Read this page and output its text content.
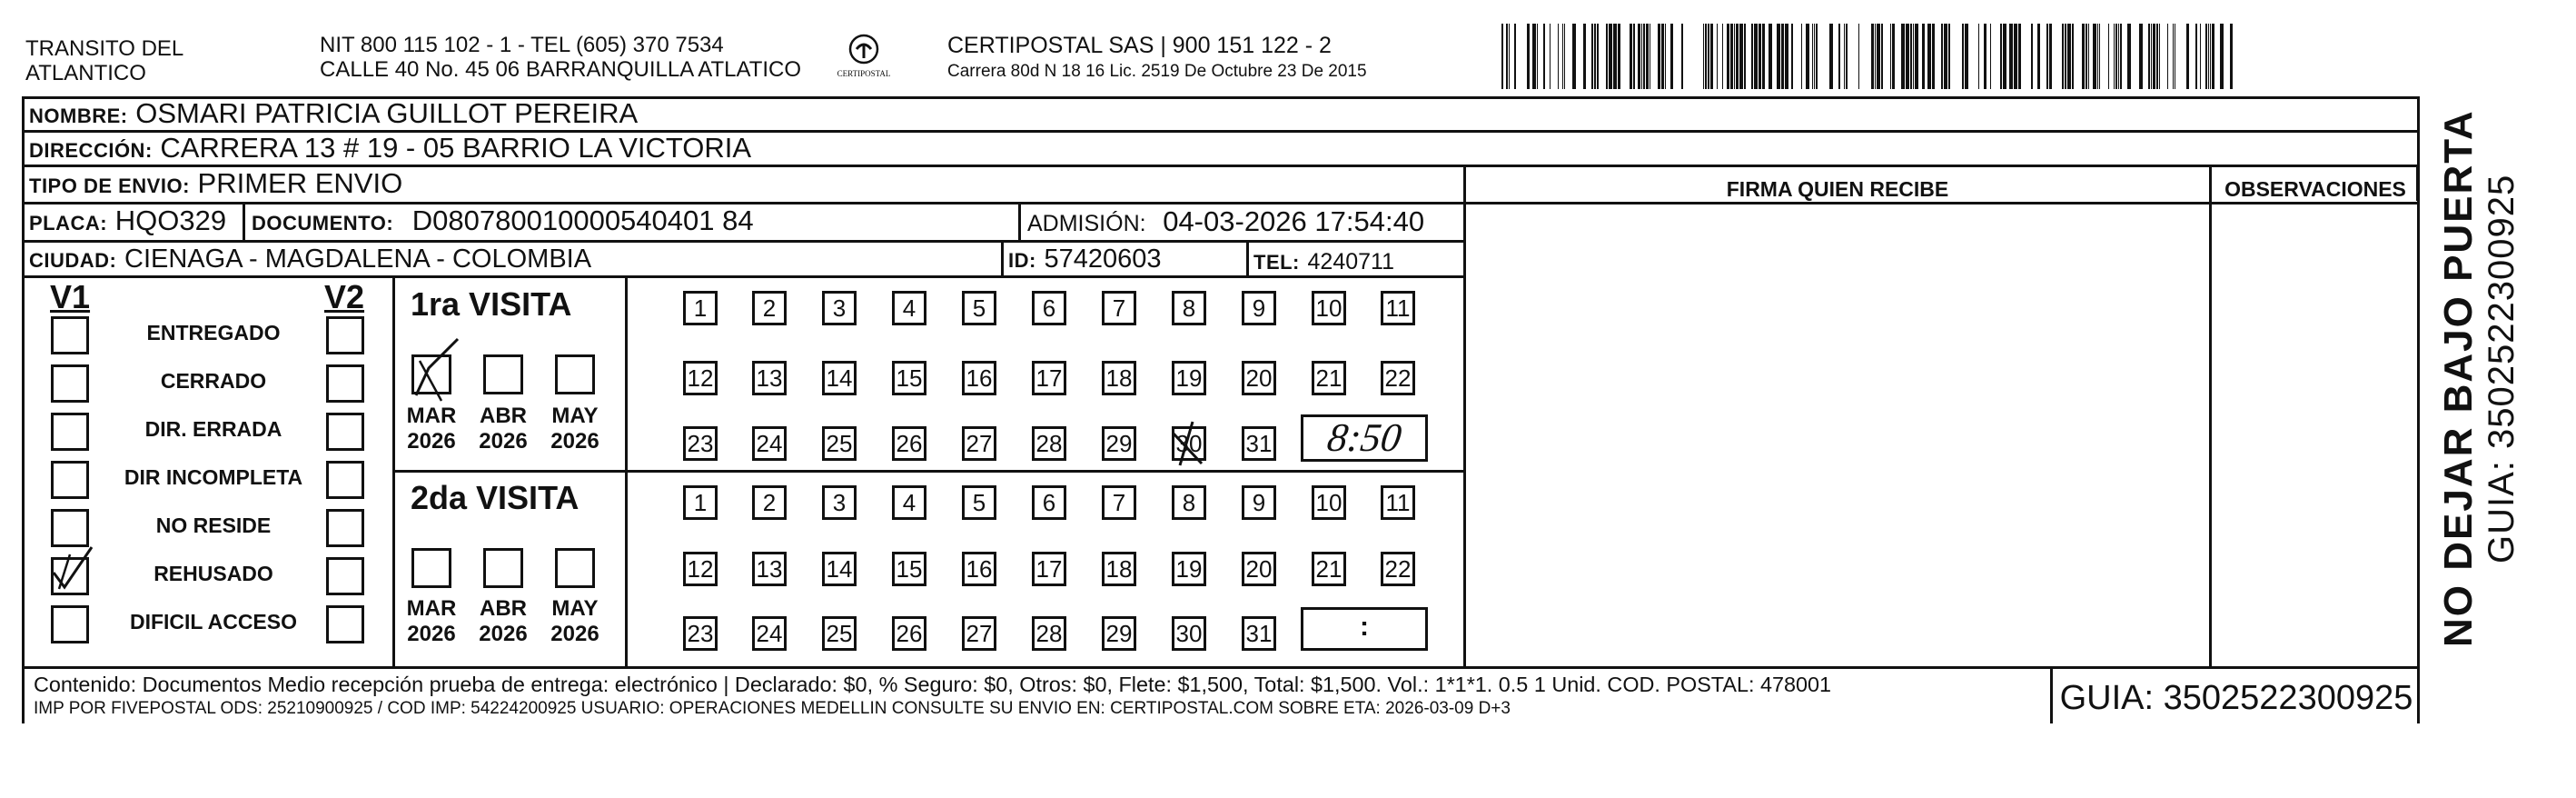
TRANSITO DEL
ATLANTICO
NIT 800 115 102 - 1 - TEL (605) 370 7534
CALLE 40 No. 45 06 BARRANQUILLA ATLATICO	CERTIPOSTAL
CERTIPOSTAL SAS | 900 151 122 - 2
Carrera 80d N 18 16 Lic. 2519 De Octubre 23 De 2015
NOMBRE: OSMARI PATRICIA GUILLOT PEREIRA
DIRECCIÓN: CARRERA 13 # 19 - 05 BARRIO LA VICTORIA
TIPO DE ENVIO: PRIMER ENVIO	FIRMA QUIEN RECIBE	OBSERVACIONES
PLACA: HQO329 DOCUMENTO: D080780010000540401 84	ADMISIÓN: 04-03-2026 17:54:40
CIUDAD: CIENAGA - MAGDALENA - COLOMBIA	ID: 57420603	TEL: 4240711
V1	V2
ENTREGADO
CERRADO
DIR. ERRADA
DIR INCOMPLETA
NO RESIDE
REHUSADO
DIFICIL ACCESO
1ra VISITA
2da VISITA
MAR
2026
ABR
2026
MAY
2026
MAR
2026
ABR
2026
MAY
2026
1	2	3	4	5	6	7	8	9	10 11
12 13 14 15 16 17 18 19 20 21 22
23 24 25 26 27 28 29 30 31
1	2	3	4	5	6	7	8	9	10 11
12 13 14 15 16 17 18 19 20 21 22
23 24 25 26 27 28 29 30 31
8:50
:
Contenido: Documentos Medio recepción prueba de entrega: electrónico | Declarado: $0, % Seguro: $0, Otros: $0, Flete: $1,500, Total: $1,500. Vol.: 1*1*1. 0.5 1 Unid. COD. POSTAL: 478001
IMP POR FIVEPOSTAL ODS: 25210900925 / COD IMP: 54224200925 USUARIO: OPERACIONES MEDELLIN CONSULTE SU ENVIO EN: CERTIPOSTAL.COM SOBRE ETA: 2026-03-09 D+3	GUIA: 3502522300925
NO DEJAR BAJO PUERTA GUIA: 3502522300925
